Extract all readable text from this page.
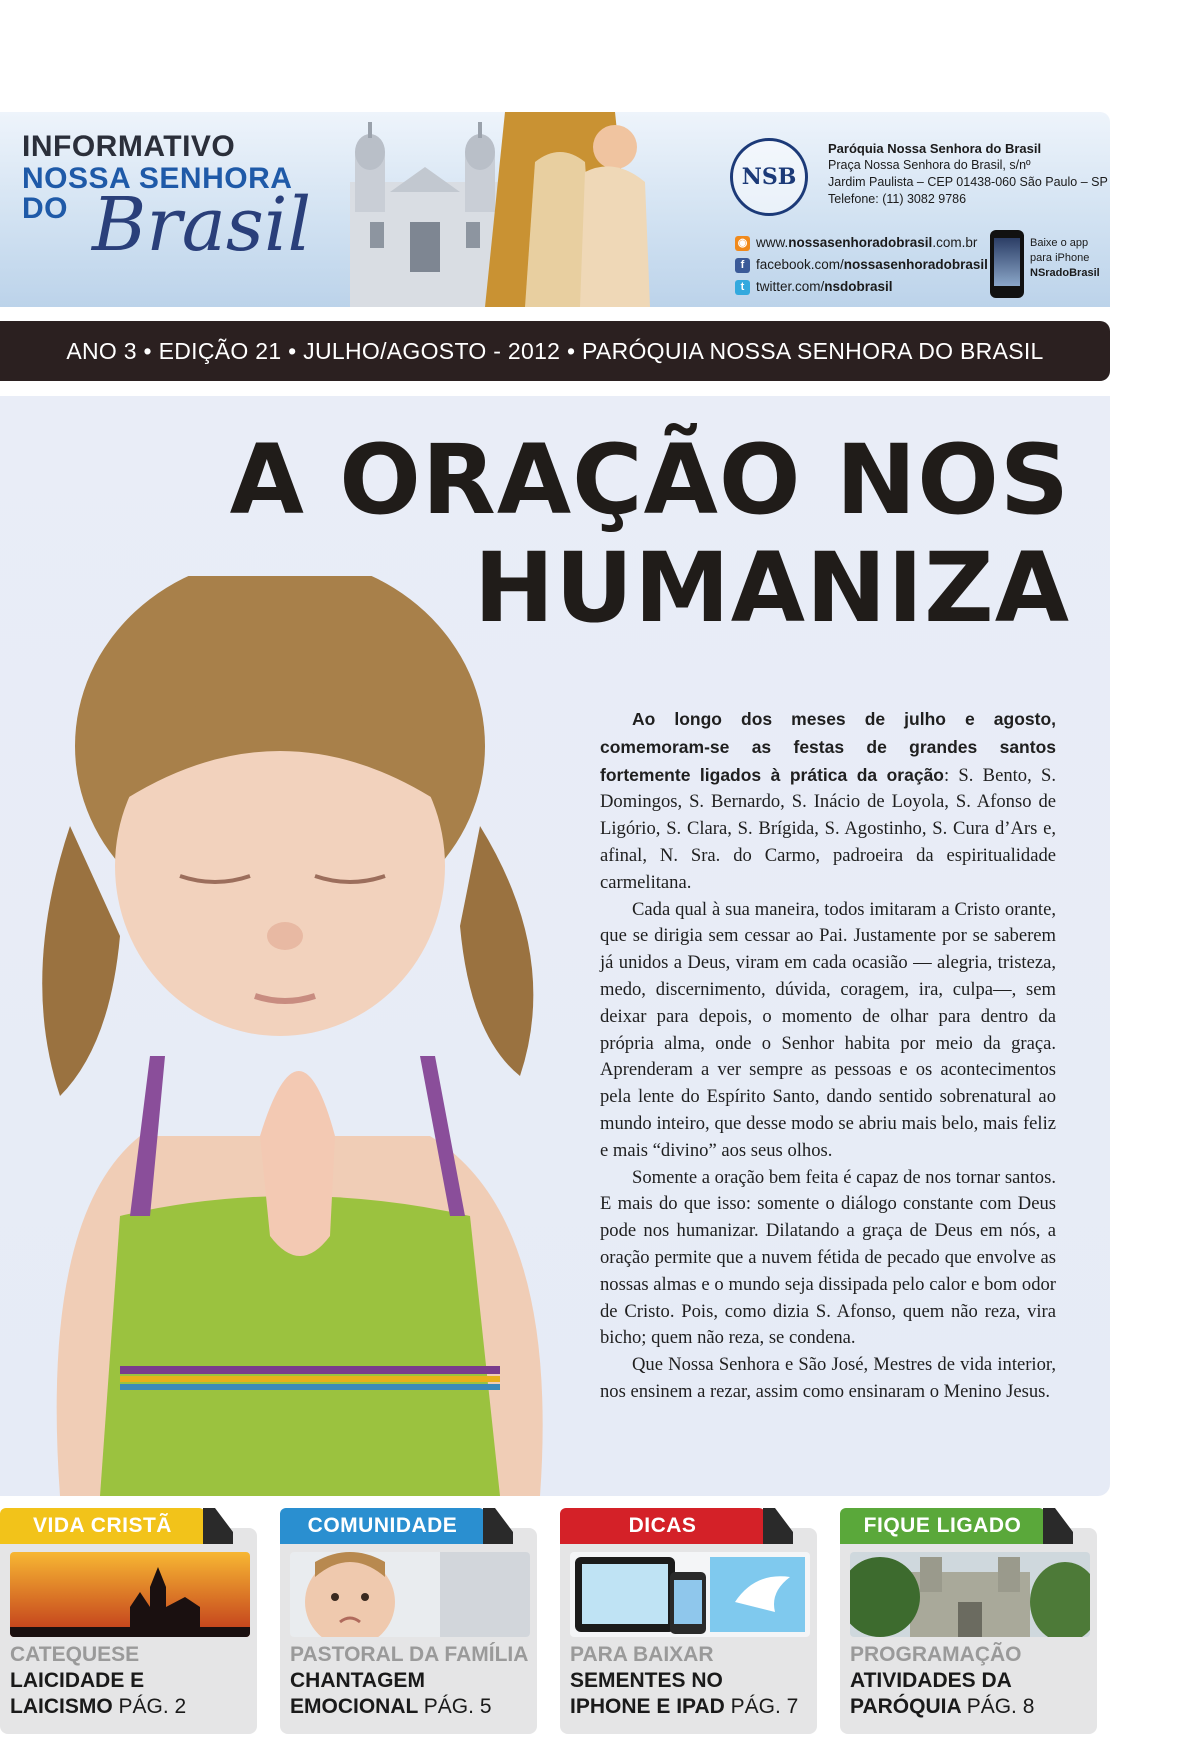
INFORMATIVO
NOSSA SENHORA
DO Brasil
NSB
Paróquia Nossa Senhora do Brasil
Praça Nossa Senhora do Brasil, s/nº
Jardim Paulista – CEP 01438-060 São Paulo – SP
Telefone: (11) 3082 9786
◉ www.nossasenhoradobrasil.com.br
f facebook.com/nossasenhoradobrasil
t twitter.com/nsdobrasil
Baixe o app
para iPhone
NSradoBrasil
ANO 3 • EDIÇÃO 21 • JULHO/AGOSTO - 2012 • PARÓQUIA NOSSA SENHORA DO BRASIL
A ORAÇÃO NOS
HUMANIZA

Ao longo dos meses de julho e agosto, comemoram-se as festas de grandes santos fortemente ligados à prática da oração: S. Bento, S. Domingos, S. Bernardo, S. Inácio de Loyola, S. Afonso de Ligório, S. Clara, S. Brígida, S. Agostinho, S. Cura d’Ars e, afinal, N. Sra. do Carmo, padroeira da espiritualidade carmelitana.

Cada qual à sua maneira, todos imitaram a Cristo orante, que se dirigia sem cessar ao Pai. Justamente por se saberem já unidos a Deus, viram em cada ocasião — alegria, tristeza, medo, discernimento, dúvida, coragem, ira, culpa—, sem deixar para depois, o momento de olhar para dentro da própria alma, onde o Senhor habita por meio da graça. Aprenderam a ver sempre as pessoas e os acontecimentos pela lente do Espírito Santo, dando sentido sobrenatural ao mundo inteiro, que desse modo se abriu mais belo, mais feliz e mais “divino” aos seus olhos.

Somente a oração bem feita é capaz de nos tornar santos. E mais do que isso: somente o diálogo constante com Deus pode nos humanizar. Dilatando a graça de Deus em nós, a oração permite que a nuvem fétida de pecado que envolve as nossas almas e o mundo seja dissipada pelo calor e bom odor de Cristo. Pois, como dizia S. Afonso, quem não reza, vira bicho; quem não reza, se condena.

Que Nossa Senhora e São José, Mestres de vida interior, nos ensinem a rezar, assim como ensinaram o Menino Jesus.

VIDA CRISTÃ
CATEQUESE
LAICIDADE E
LAICISMO PÁG. 2
COMUNIDADE
PASTORAL DA FAMÍLIA
CHANTAGEM
EMOCIONAL PÁG. 5
DICAS
PARA BAIXAR
SEMENTES NO
IPHONE E IPAD PÁG. 7
FIQUE LIGADO
PROGRAMAÇÃO
ATIVIDADES DA
PARÓQUIA PÁG. 8
